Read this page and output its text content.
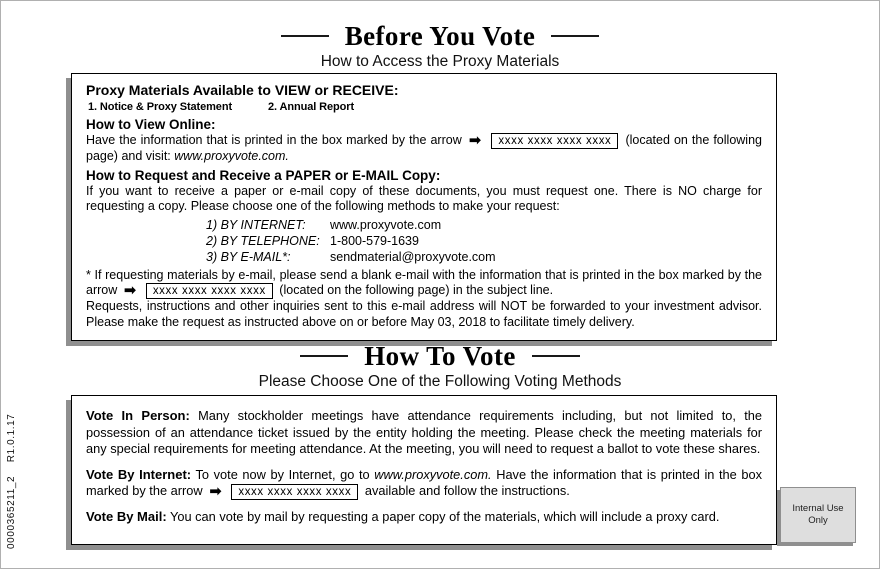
Before You Vote
How to Access the Proxy Materials
Proxy Materials Available to VIEW or RECEIVE:
1. Notice & Proxy Statement	2. Annual Report
How to View Online:

Have the information that is printed in the box marked by the arrow ➡ xxxx xxxx xxxx xxxx (located on the following page) and visit: www.proxyvote.com.

How to Request and Receive a PAPER or E-MAIL Copy:

If you want to receive a paper or e-mail copy of these documents, you must request one. There is NO charge for requesting a copy. Please choose one of the following methods to make your request:

1) BY INTERNET:	www.proxyvote.com
2) BY TELEPHONE: 1-800-579-1639
3) BY E-MAIL*:	sendmaterial@proxyvote.com

* If requesting materials by e-mail, please send a blank e-mail with the information that is printed in the box marked by the arrow ➡ xxxx xxxx xxxx xxxx (located on the following page) in the subject line.

Requests, instructions and other inquiries sent to this e-mail address will NOT be forwarded to your investment advisor. Please make the request as instructed above on or before May 03, 2018 to facilitate timely delivery.

How To Vote
Please Choose One of the Following Voting Methods

Vote In Person: Many stockholder meetings have attendance requirements including, but not limited to, the possession of an attendance ticket issued by the entity holding the meeting. Please check the meeting materials for any special requirements for meeting attendance. At the meeting, you will need to request a ballot to vote these shares.

Vote By Internet: To vote now by Internet, go to www.proxyvote.com. Have the information that is printed in the box marked by the arrow ➡ xxxx xxxx xxxx xxxx available and follow the instructions.

Vote By Mail: You can vote by mail by requesting a paper copy of the materials, which will include a proxy card.

0000365211_2    R1.0.1.17	Internal Use
Only
